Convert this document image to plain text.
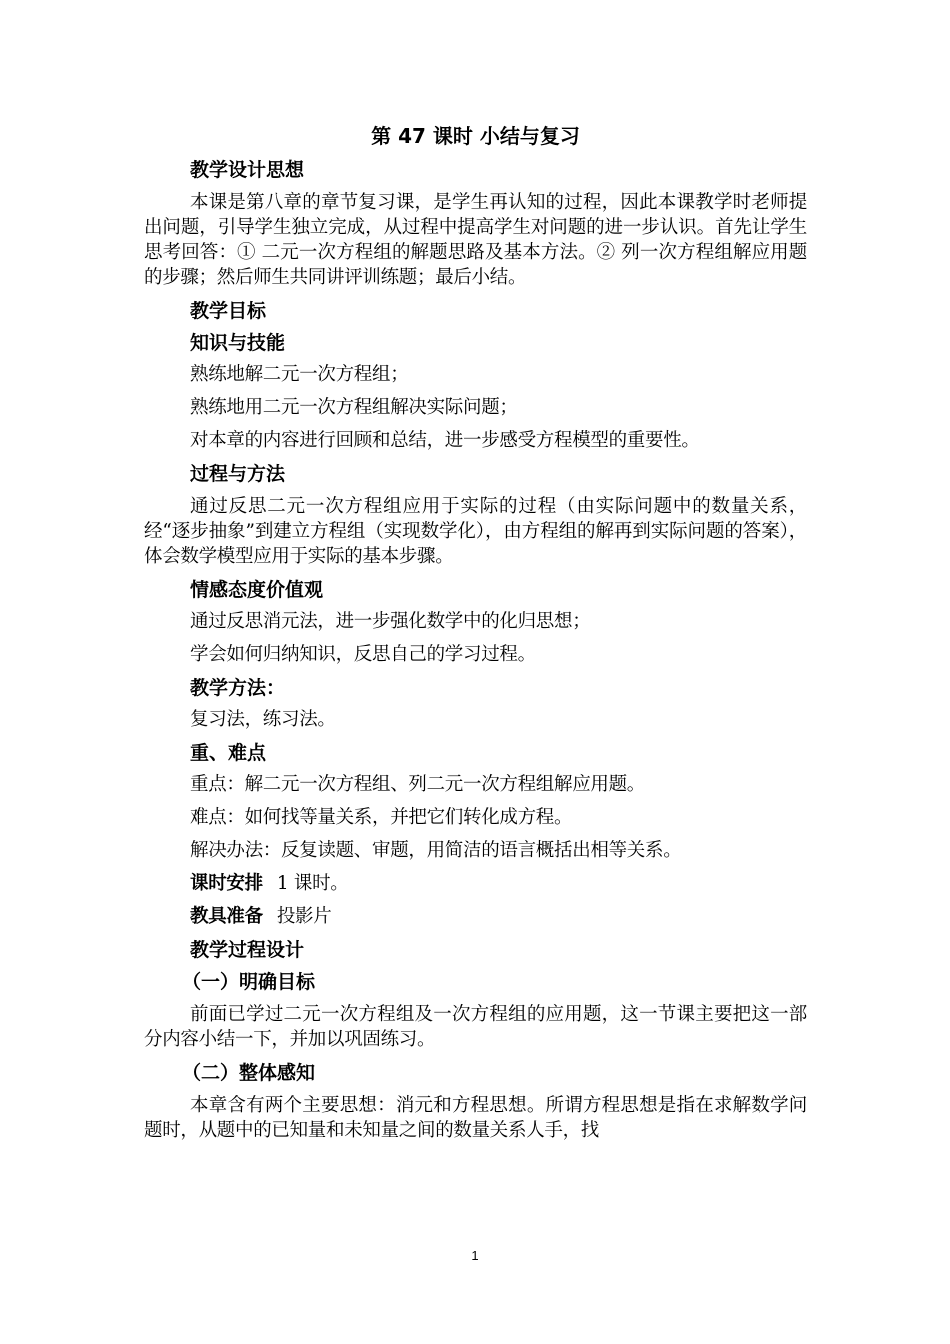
第 47 课时 小结与复习
教学设计思想
本课是第八章的章节复习课，是学生再认知的过程，因此本课教学时老师提出问题，引导学生独立完成，从过程中提高学生对问题的进一步认识。首先让学生思考回答：① 二元一次方程组的解题思路及基本方法。② 列一次方程组解应用题的步骤；然后师生共同讲评训练题；最后小结。
教学目标
知识与技能
熟练地解二元一次方程组；
熟练地用二元一次方程组解决实际问题；
对本章的内容进行回顾和总结，进一步感受方程模型的重要性。
过程与方法
通过反思二元一次方程组应用于实际的过程（由实际问题中的数量关系，经“逐步抽象”到建立方程组（实现数学化），由方程组的解再到实际问题的答案），体会数学模型应用于实际的基本步骤。
情感态度价值观
通过反思消元法，进一步强化数学中的化归思想；
学会如何归纳知识，反思自己的学习过程。
教学方法：
复习法，练习法。
重、难点
重点：解二元一次方程组、列二元一次方程组解应用题。
难点：如何找等量关系，并把它们转化成方程。
解决办法：反复读题、审题，用简洁的语言概括出相等关系。
课时安排 1 课时。
教具准备 投影片
教学过程设计
（一）明确目标
前面已学过二元一次方程组及一次方程组的应用题，这一节课主要把这一部分内容小结一下，并加以巩固练习。
（二）整体感知
本章含有两个主要思想：消元和方程思想。所谓方程思想是指在求解数学问题时，从题中的已知量和未知量之间的数量关系人手，找
1
